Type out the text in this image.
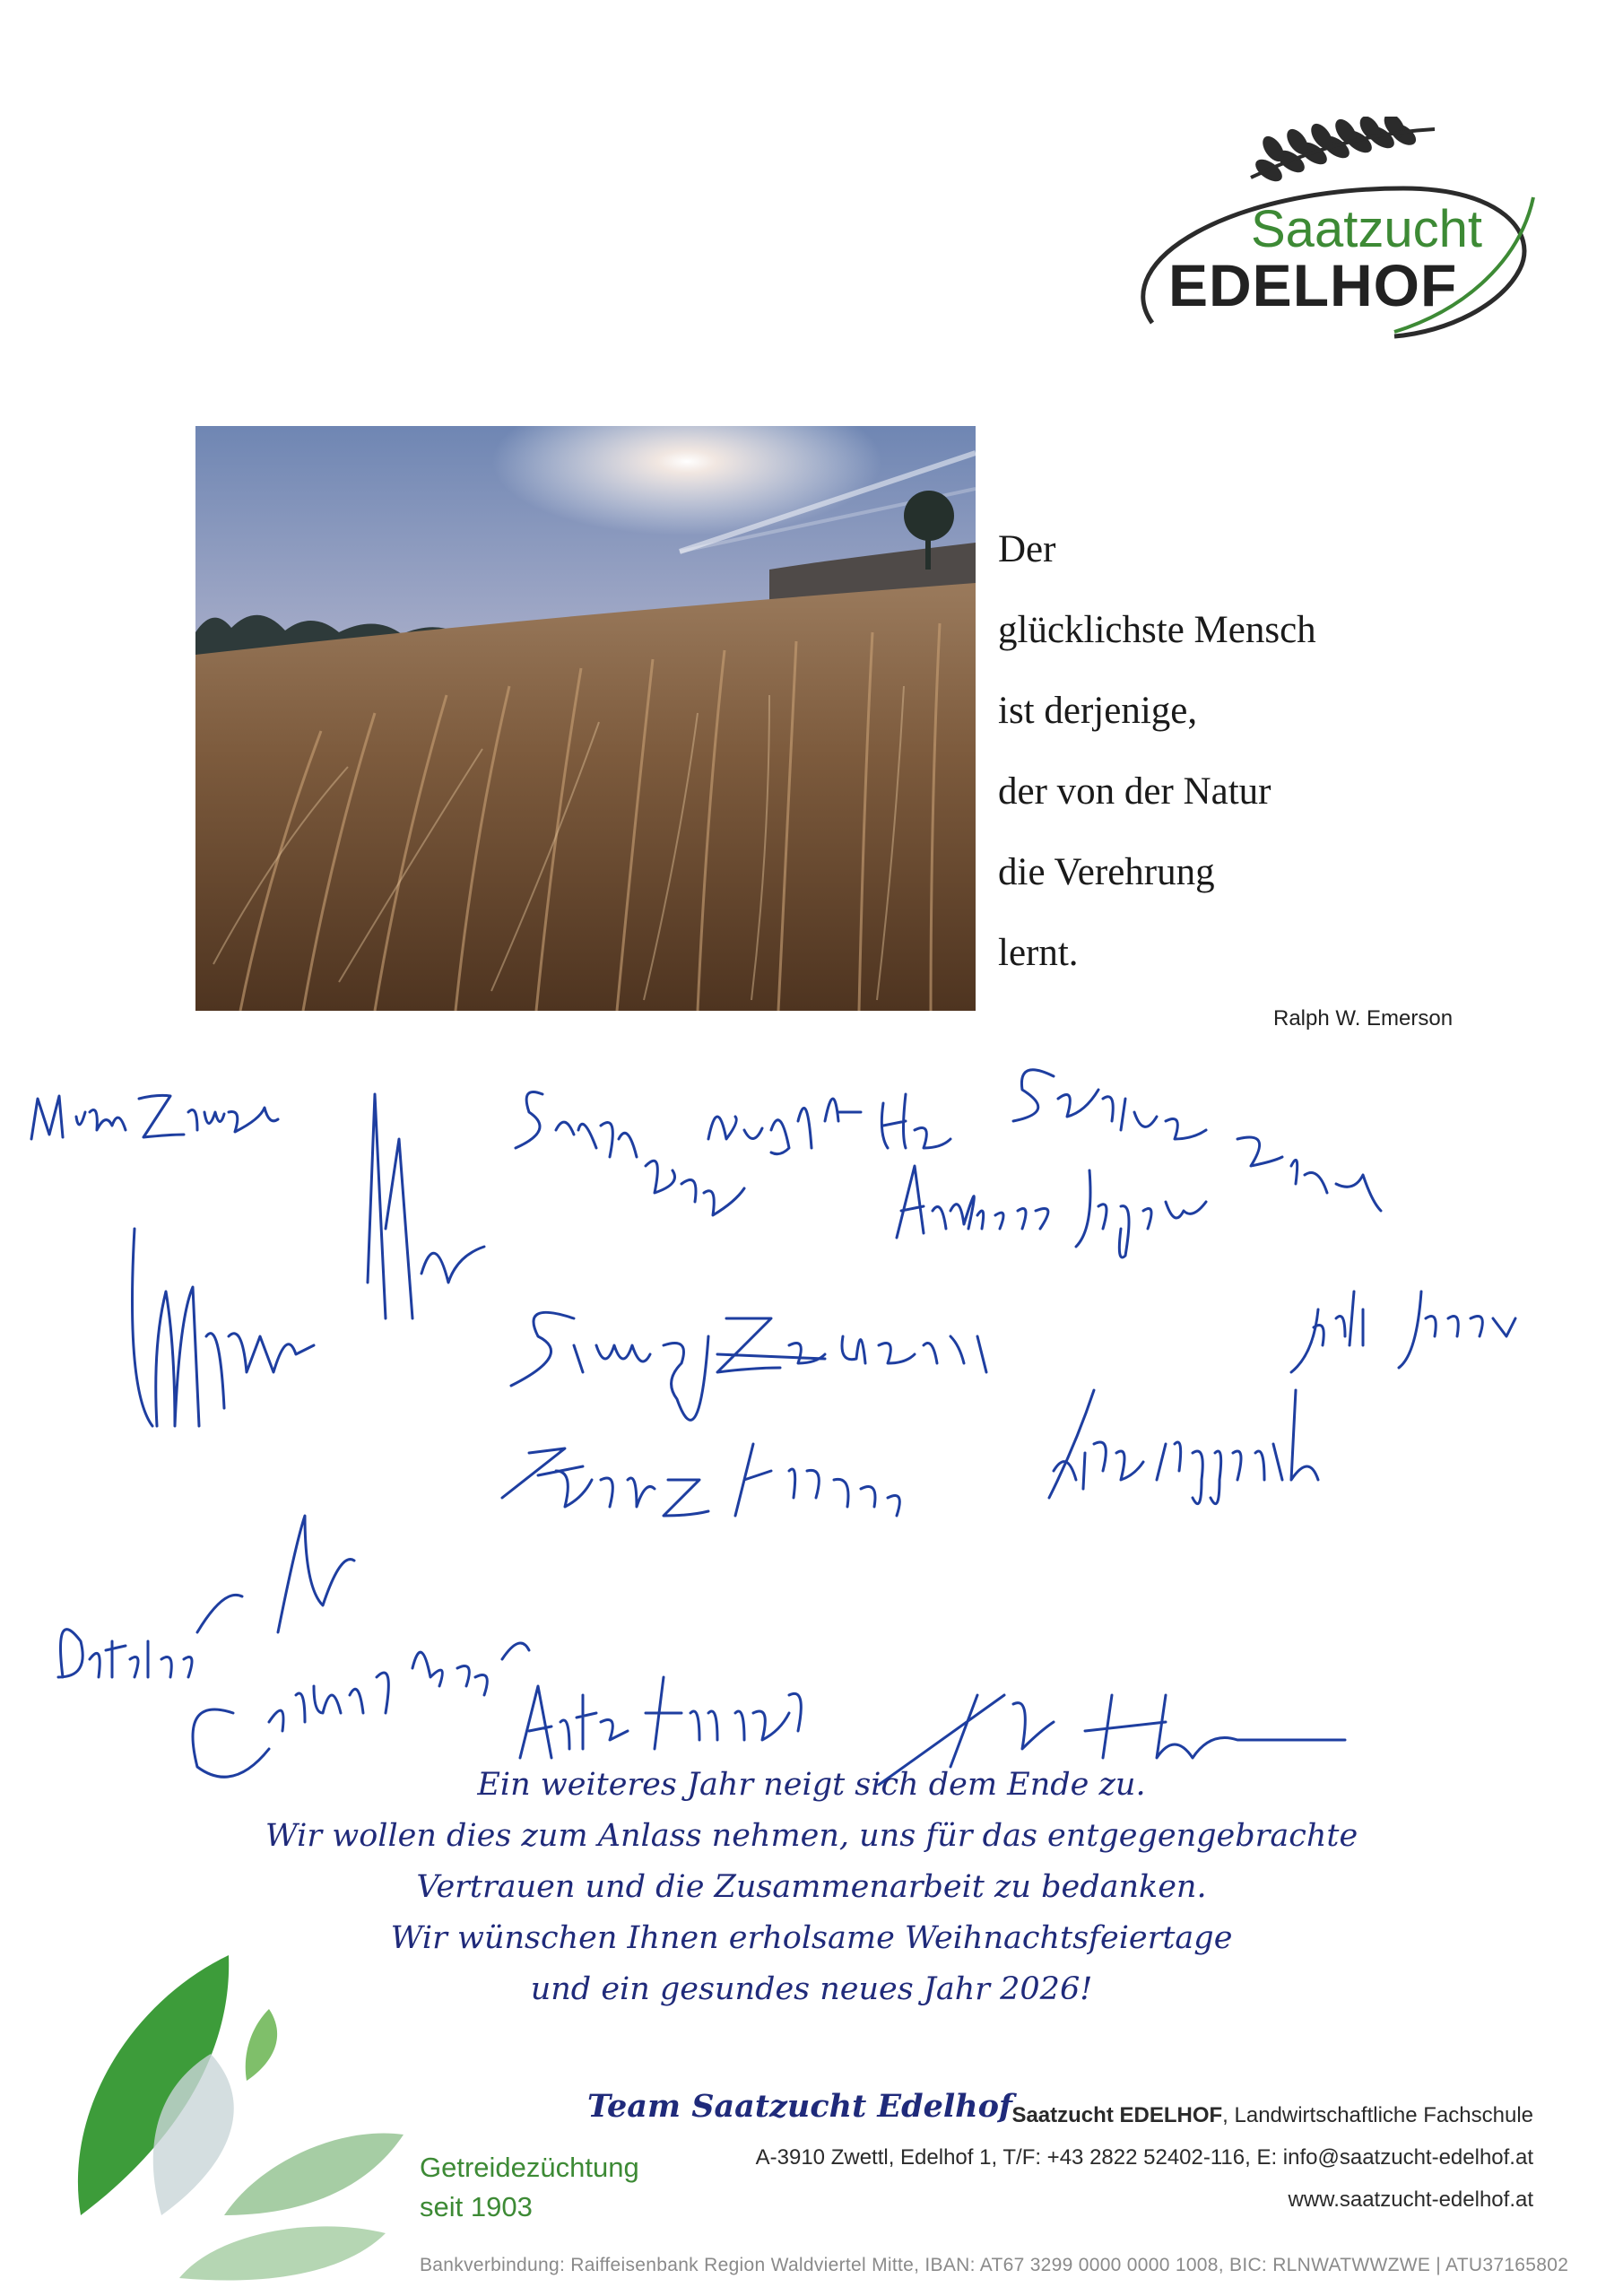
Saatzucht
EDELHOF
Der
glücklichste Mensch
ist derjenige,
der von der Natur
die Verehrung
lernt.
Ralph W. Emerson
Ein weiteres Jahr neigt sich dem Ende zu.
Wir wollen dies zum Anlass nehmen, uns für das entgegengebrachte
Vertrauen und die Zusammenarbeit zu bedanken.
Wir wünschen Ihnen erholsame Weihnachtsfeiertage
und ein gesundes neues Jahr 2026!
Team Saatzucht Edelhof
Getreidezüchtung
seit 1903
Saatzucht EDELHOF, Landwirtschaftliche Fachschule
A-3910 Zwettl, Edelhof 1, T/F: +43 2822 52402-116, E: info@saatzucht-edelhof.at
www.saatzucht-edelhof.at
Bankverbindung: Raiffeisenbank Region Waldviertel Mitte, IBAN: AT67 3299 0000 0000 1008, BIC: RLNWATWWZWE | ATU37165802
